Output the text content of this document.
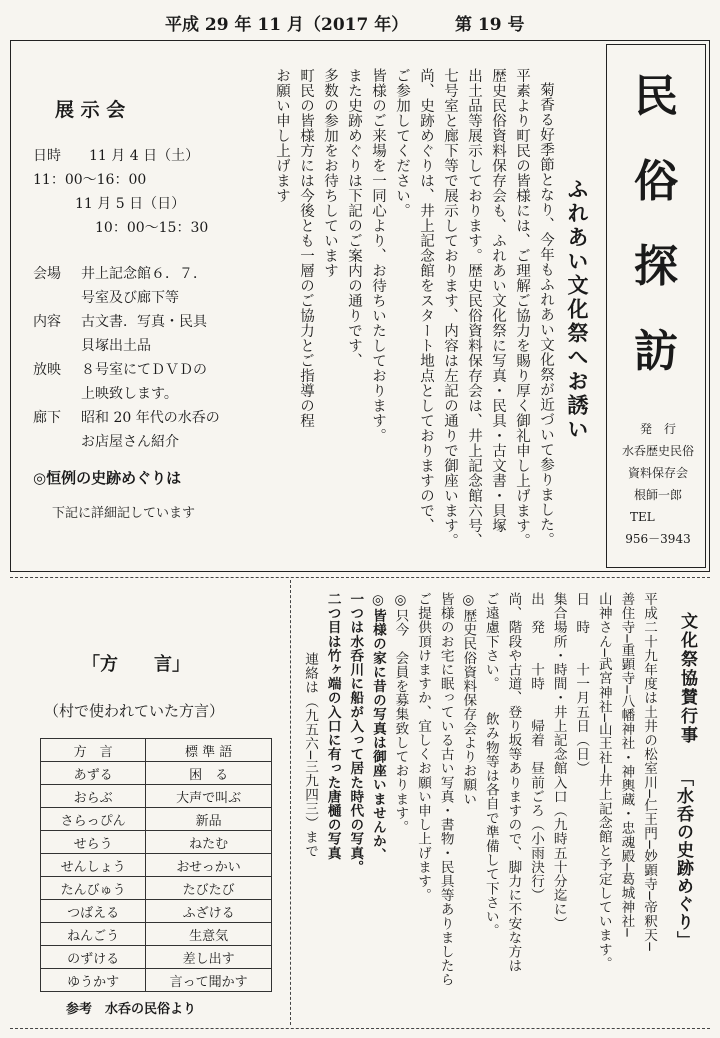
平成 29 年 11 月（2017 年）	第 19 号
民
俗
探
訪
発　行
水呑歴史民俗
資料保存会
根師一郎
TEL
956－3943
展 示 会
日時	11 月 4 日（土）
11：00～16：00
11 月 5 日（日）
10：00～15：30
会場	井上記念館６．７．
号室及び廊下等
内容	古文書．写真・民具
貝塚出土品
放映	８号室にてＤＶＤの
上映致します。
廊下	昭和 20 年代の水呑の
お店屋さん紹介
◎恒例の史跡めぐりは
下記に詳細記しています
ふれあい文化祭へお誘い
菊香る好季節となり、今年もふれあい文化祭が近づいて参りました。
平素より町民の皆様には、ご理解ご協力を賜り厚く御礼申し上げます。
歴史民俗資料保存会も、ふれあい文化祭に写真・民具・古文書・貝塚
出土品等展示しております。歴史民俗資料保存会は、井上記念館六号、
七号室と廊下等で展示しております、内容は左記の通りで御座います。
尚、史跡めぐりは、井上記念館をスタート地点としておりますので、
ご参加してください。
皆様のご来場を一同心より、お待ちいたしております。
また史跡めぐりは下記のご案内の通りです、
多数の参加をお待ちしています
町民の皆様方には今後とも一層のご協力とご指導の程
お願い申し上げます
「方　　言」
（村で使われていた方言）
方　言	標 準 語
あずる	困　る
おらぶ	大声で叫ぶ
さらっぴん	新品
せらう	ねたむ
せんしょう	おせっかい
たんびゅう	たびたび
つばえる	ふざける
ねんごう	生意気
のずける	差し出す
ゆうかす	言って聞かす
参考　水呑の民俗より
文化祭協賛行事
「水呑の史跡めぐり」
平成二十九年度は土井の松室川─仁王門─妙顕寺─帝釈天─
善住寺─重顕寺─八幡神社・神輿蔵・忠魂殿─葛城神社─
山神さん─武宮神社─山王社─井上記念館と予定しています。
日　時　　十一月五日（日）
集合場所・時間・井上記念館入口（九時五十分迄に）
出　発　　十時　　帰着　昼前ごろ（小雨決行）
尚、階段や古道、登り坂等ありますので、脚力に不安な方は
ご遠慮下さい。　　飲み物等は各自で準備して下さい。
◎歴史民俗資料保存会よりお願い
皆様のお宅に眠っている古い写真・書物・民具等ありましたら
ご提供頂けますか、宜しくお願い申し上げます。
◎只今　会員を募集致しております。
◎皆様の家に昔の写真は御座いませんか、
一つは水呑川に船が入って居た時代の写真。
二つ目は竹ヶ端の入口に有った唐樋の写真
連絡は（九五六─三九四三）まで
